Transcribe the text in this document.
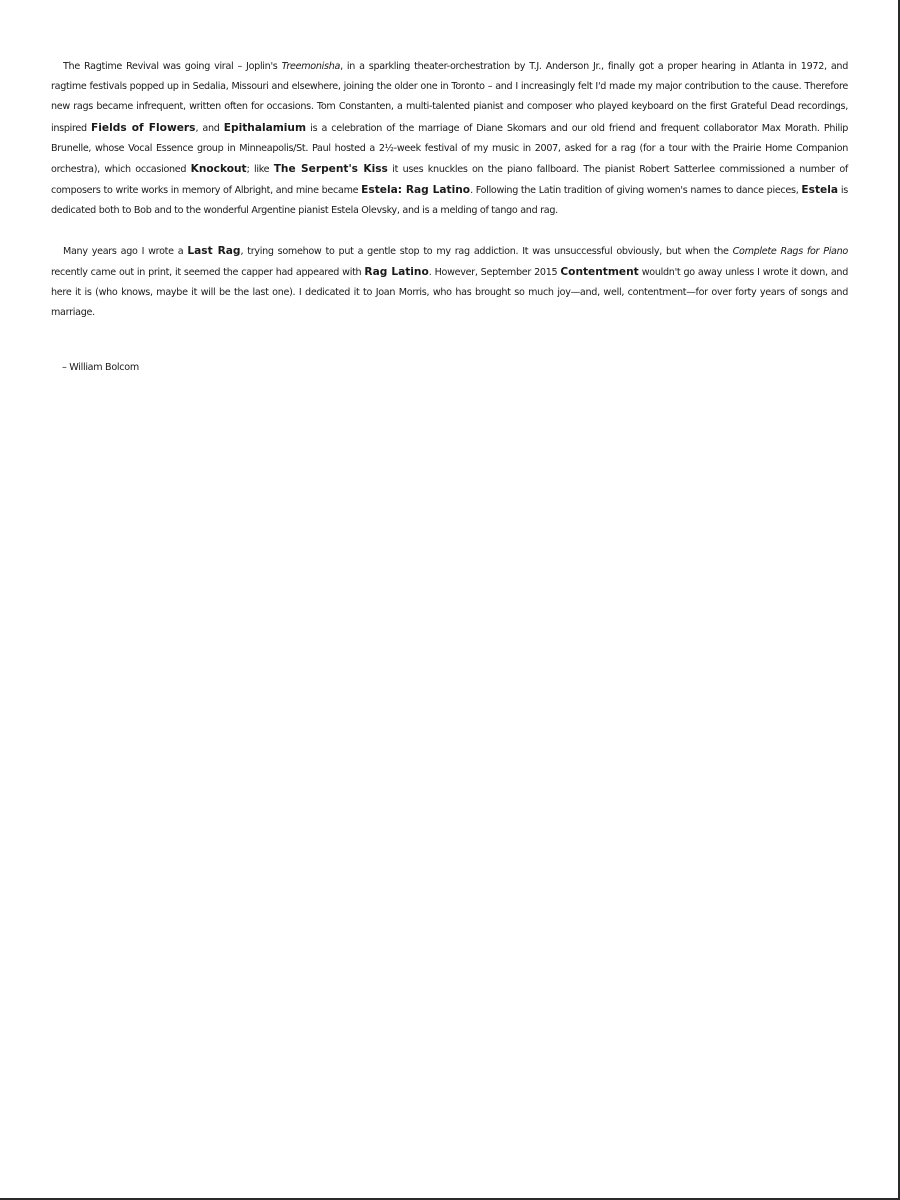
The Ragtime Revival was going viral – Joplin's Treemonisha, in a sparkling theater-orchestration by T.J. Anderson Jr., finally got a proper hearing in Atlanta in 1972, and ragtime festivals popped up in Sedalia, Missouri and elsewhere, joining the older one in Toronto – and I increasingly felt I'd made my major contribution to the cause. Therefore new rags became infrequent, written often for occasions. Tom Constanten, a multi-talented pianist and composer who played keyboard on the first Grateful Dead recordings, inspired Fields of Flowers, and Epithalamium is a celebration of the marriage of Diane Skomars and our old friend and frequent collaborator Max Morath. Philip Brunelle, whose Vocal Essence group in Minneapolis/St. Paul hosted a 2½-week festival of my music in 2007, asked for a rag (for a tour with the Prairie Home Companion orchestra), which occasioned Knockout; like The Serpent's Kiss it uses knuckles on the piano fallboard. The pianist Robert Satterlee commissioned a number of composers to write works in memory of Albright, and mine became Estela: Rag Latino. Following the Latin tradition of giving women's names to dance pieces, Estela is dedicated both to Bob and to the wonderful Argentine pianist Estela Olevsky, and is a melding of tango and rag.

Many years ago I wrote a Last Rag, trying somehow to put a gentle stop to my rag addiction. It was unsuccessful obviously, but when the Complete Rags for Piano recently came out in print, it seemed the capper had appeared with Rag Latino. However, September 2015 Contentment wouldn't go away unless I wrote it down, and here it is (who knows, maybe it will be the last one). I dedicated it to Joan Morris, who has brought so much joy—and, well, contentment—for over forty years of songs and marriage.

– William Bolcom
